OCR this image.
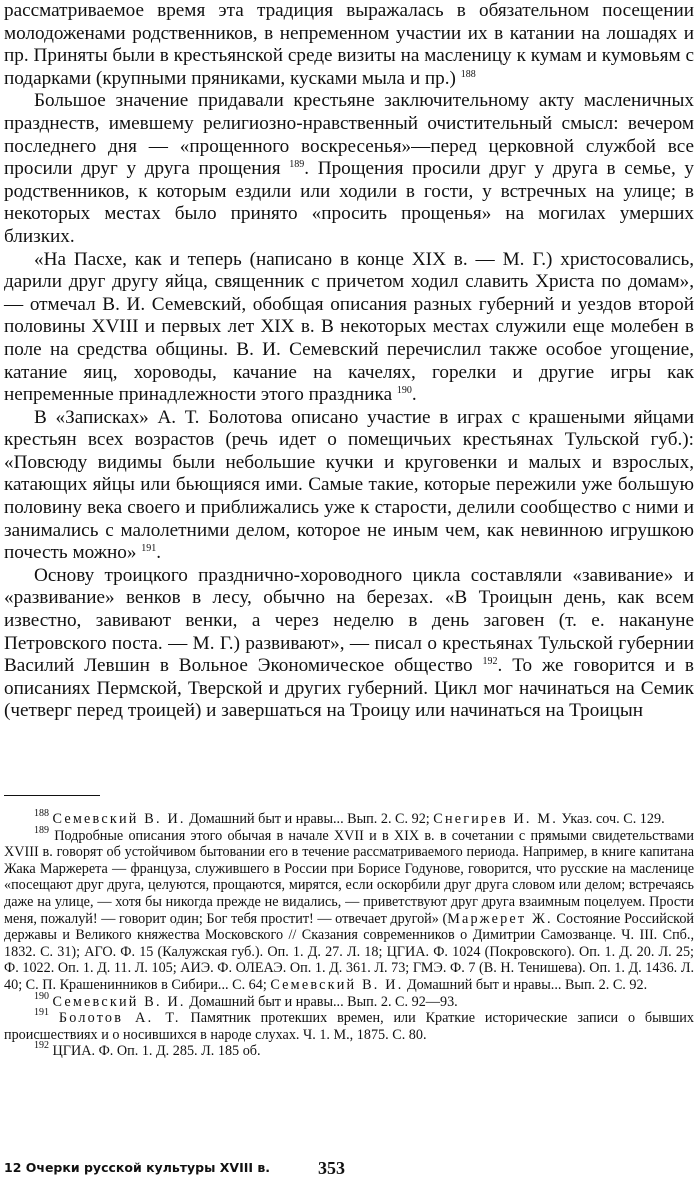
рассматриваемое время эта традиция выражалась в обязательном посещении молодоженами родственников, в непременном участии их в катании на лошадях и пр. Приняты были в крестьянской среде визиты на масленицу к кумам и кумовьям с подарками (крупными пряниками, кусками мыла и пр.) $^{188}$

Большое значение придавали крестьяне заключительному акту масленичных празднеств, имевшему религиозно-нравственный очистительный смысл: вечером последнего дня — «прощенного воскресенья»—перед церковной службой все просили друг у друга прощения $^{189}$. Прощения просили друг у друга в семье, у родственников, к которым ездили или ходили в гости, у встречных на улице; в некоторых местах было принято «просить прощенья» на могилах умерших близких.

«На Пасхе, как и теперь (написано в конце XIX в. — М. Г.) христосовались, дарили друг другу яйца, священник с причетом ходил славить Христа по домам», — отмечал В. И. Семевский, обобщая описания разных губерний и уездов второй половины XVIII и первых лет XIX в. В некоторых местах служили еще молебен в поле на средства общины. В. И. Семевский перечислил также особое угощение, катание яиц, хороводы, качание на качелях, горелки и другие игры как непременные принадлежности этого праздника $^{190}$.

В «Записках» А. Т. Болотова описано участие в играх с крашеными яйцами крестьян всех возрастов (речь идет о помещичьих крестьянах Тульской губ.): «Повсюду видимы были небольшие кучки и круговенки и малых и взрослых, катающих яйцы или бьющияся ими. Самые такие, которые пережили уже большую половину века своего и приближались уже к старости, делили сообщество с ними и занимались с малолетними делом, которое не иным чем, как невинною игрушкою почесть можно» $^{191}$.

Основу троицкого празднично-хороводного цикла составляли «завивание» и «развивание» венков в лесу, обычно на березах. «В Троицын день, как всем известно, завивают венки, а через неделю в день заговен (т. е. накануне Петровского поста. — М. Г.) развивают», — писал о крестьянах Тульской губернии Василий Левшин в Вольное Экономическое общество $^{192}$. То же говорится и в описаниях Пермской, Тверской и других губерний. Цикл мог начинаться на Семик (четверг перед троицей) и завершаться на Троицу или начинаться на Троицын

$^{188}$ Семевский В. И. Домашний быт и нравы... Вып. 2. С. 92; Снегирев И. М. Указ. соч. С. 129.

$^{189}$ Подробные описания этого обычая в начале XVII и в XIX в. в сочетании с прямыми свидетельствами XVIII в. говорят об устойчивом бытовании его в течение рассматриваемого периода. Например, в книге капитана Жака Маржерета — француза, служившего в России при Борисе Годунове, говорится, что русские на масленице «посещают друг друга, целуются, прощаются, мирятся, если оскорбили друг друга словом или делом; встречаясь даже на улице, — хотя бы никогда прежде не видались, — приветствуют друг друга взаимным поцелуем. Прости меня, пожалуй! — говорит один; Бог тебя простит! — отвечает другой» (Маржерет Ж. Состояние Российской державы и Великого княжества Московского // Сказания современников о Димитрии Самозванце. Ч. III. Спб., 1832. С. 31); АГО. Ф. 15 (Калужская губ.). Оп. 1. Д. 27. Л. 18; ЦГИА. Ф. 1024 (Покровского). Оп. 1. Д. 20. Л. 25; Ф. 1022. Оп. 1. Д. 11. Л. 105; АИЭ. Ф. ОЛЕАЭ. Оп. 1. Д. 361. Л. 73; ГМЭ. Ф. 7 (В. Н. Тенишева). Оп. 1. Д. 1436. Л. 40; С. П. Крашенинников в Сибири... С. 64; Семевский В. И. Домашний быт и нравы... Вып. 2. С. 92.

$^{190}$ Семевский В. И. Домашний быт и нравы... Вып. 2. С. 92—93.

$^{191}$ Болотов А. Т. Памятник протекших времен, или Краткие исторические записи о бывших происшествиях и о носившихся в народе слухах. Ч. 1. М., 1875. С. 80.

$^{192}$ ЦГИА. Ф. Оп. 1. Д. 285. Л. 185 об.

12 Очерки русской культуры XVIII в.	353
